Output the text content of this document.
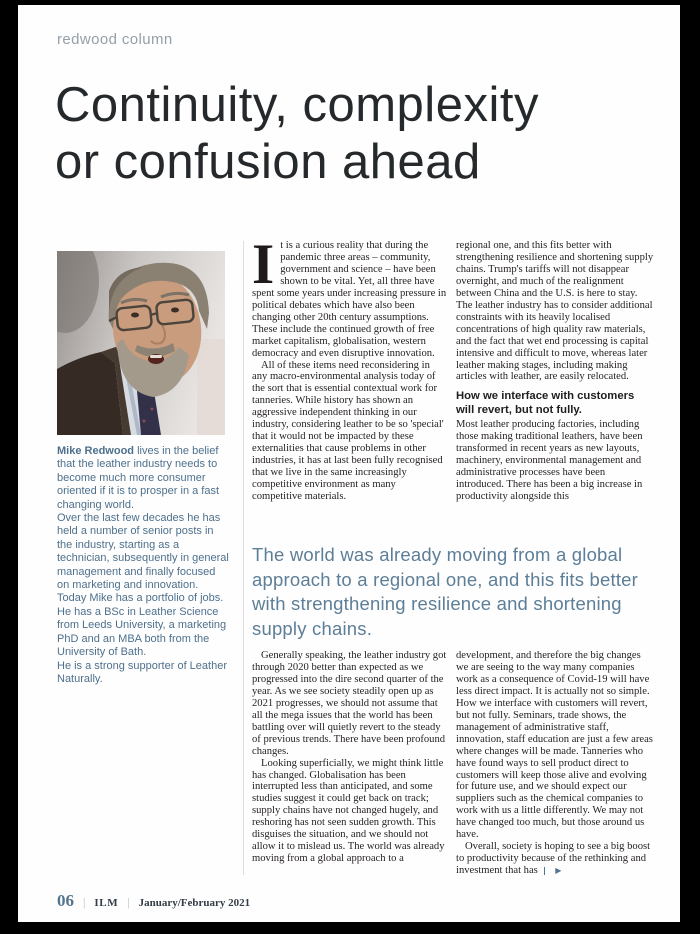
redwood column
Continuity, complexity
or confusion ahead

Mike Redwood lives in the belief that the leather industry needs to become much more consumer oriented if it is to prosper in a fast changing world.

Over the last few decades he has held a number of senior posts in the industry, starting as a technician, subsequently in general management and finally focused on marketing and innovation. Today Mike has a portfolio of jobs.

He has a BSc in Leather Science from Leeds University, a marketing PhD and an MBA both from the University of Bath.

He is a strong supporter of Leather Naturally.

It is a curious reality that during the pandemic three areas – community, government and science – have been shown to be vital. Yet, all three have spent some years under increasing pressure in political debates which have also been changing other 20th century assumptions. These include the continued growth of free market capitalism, globalisation, western democracy and even disruptive innovation.

All of these items need reconsidering in any macro-environmental analysis today of the sort that is essential contextual work for tanneries. While history has shown an aggressive independent thinking in our industry, considering leather to be so 'special' that it would not be impacted by these externalities that cause problems in other industries, it has at last been fully recognised that we live in the same increasingly competitive environment as many competitive materials.

regional one, and this fits better with strengthening resilience and shortening supply chains. Trump's tariffs will not disappear overnight, and much of the realignment between China and the U.S. is here to stay. The leather industry has to consider additional constraints with its heavily localised concentrations of high quality raw materials, and the fact that wet end processing is capital intensive and difficult to move, whereas later leather making stages, including making articles with leather, are easily relocated.

How we interface with customers will revert, but not fully.

Most leather producing factories, including those making traditional leathers, have been transformed in recent years as new layouts, machinery, environmental management and administrative processes have been introduced. There has been a big increase in productivity alongside this

The world was already moving from a global approach to a regional one, and this fits better with strengthening resilience and shortening supply chains.

Generally speaking, the leather industry got through 2020 better than expected as we progressed into the dire second quarter of the year. As we see society steadily open up as 2021 progresses, we should not assume that all the mega issues that the world has been battling over will quietly revert to the steady of previous trends. There have been profound changes.

Looking superficially, we might think little has changed. Globalisation has been interrupted less than anticipated, and some studies suggest it could get back on track; supply chains have not changed hugely, and reshoring has not seen sudden growth. This disguises the situation, and we should not allow it to mislead us. The world was already moving from a global approach to a

development, and therefore the big changes we are seeing to the way many companies work as a consequence of Covid-19 will have less direct impact. It is actually not so simple. How we interface with customers will revert, but not fully. Seminars, trade shows, the management of administrative staff, innovation, staff education are just a few areas where changes will be made. Tanneries who have found ways to sell product direct to customers will keep those alive and evolving for future use, and we should expect our suppliers such as the chemical companies to work with us a little differently. We may not have changed too much, but those around us have.

Overall, society is hoping to see a big boost to productivity because of the rethinking and investment that has ▶

06 | ILM | January/February 2021
